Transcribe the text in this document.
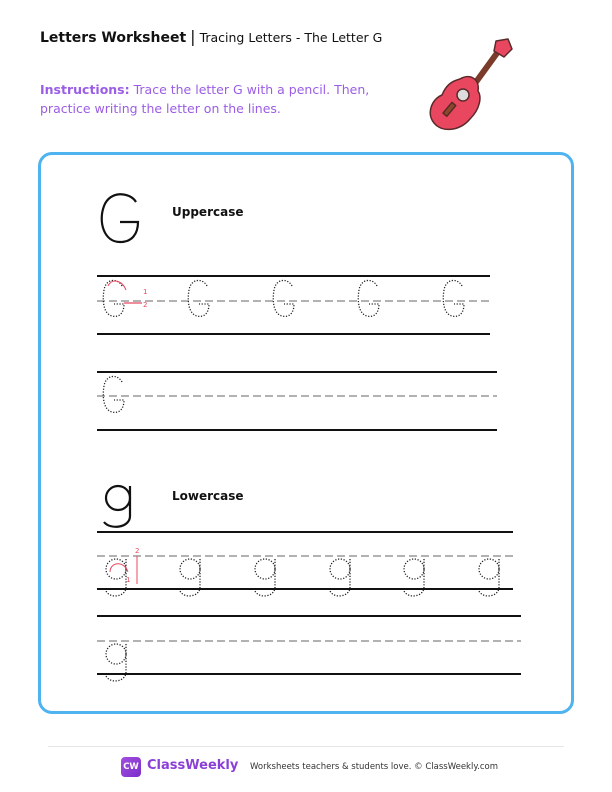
Letters Worksheet | Tracing Letters - The Letter G
Instructions: Trace the letter G with a pencil. Then, practice writing the letter on the lines.
Uppercase
Lowercase
1
2
1
2
CW ClassWeekly Worksheets teachers & students love. © ClassWeekly.com
